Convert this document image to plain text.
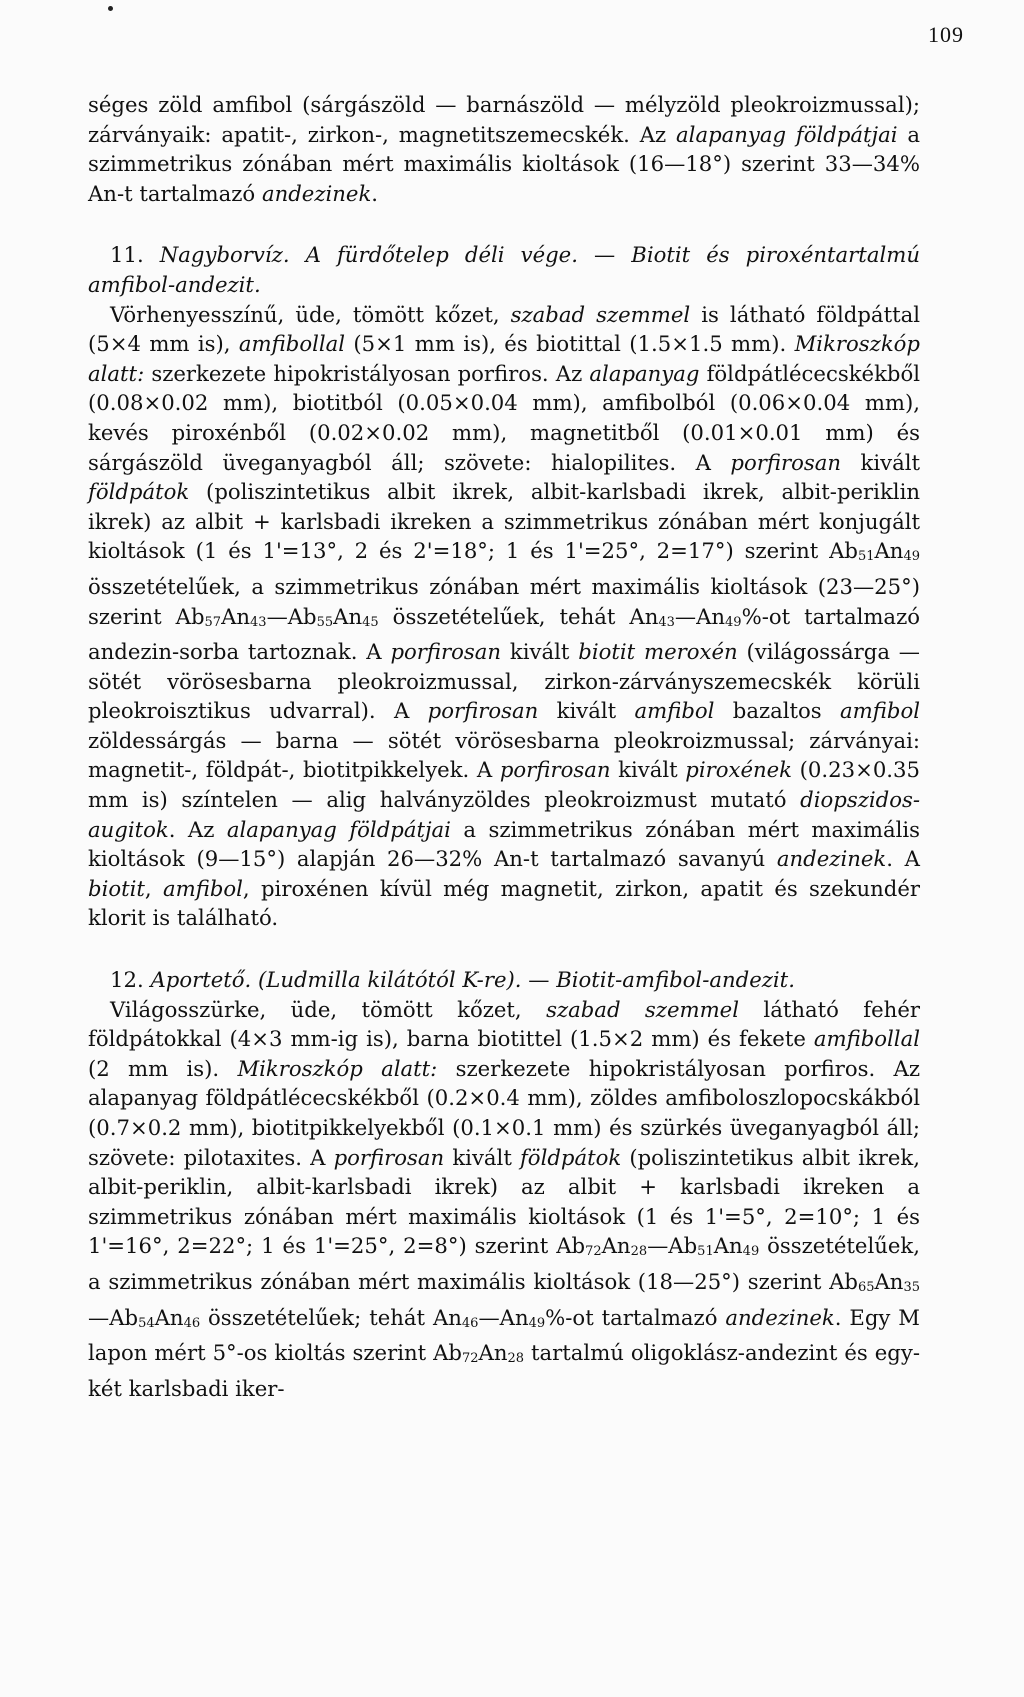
109

séges zöld amfibol (sárgászöld — barnászöld — mélyzöld pleokroizmussal); zárványaik: apatit-, zirkon-, magnetitszemecskék. Az alapanyag földpátjai a szimmetrikus zónában mért maximális kioltások (16—18°) szerint 33—34% An-t tartalmazó andezinek.

11. Nagyborvíz. A fürdőtelep déli vége. — Biotit és piroxéntartalmú amfibol-andezit.

Vörhenyesszínű, üde, tömött kőzet, szabad szemmel is látható földpáttal (5×4 mm is), amfibollal (5×1 mm is), és biotittal (1.5×1.5 mm). Mikroszkóp alatt: szerkezete hipokristályosan porfiros. Az alapanyag földpátlécecskékből (0.08×0.02 mm), biotitból (0.05×0.04 mm), amfibolból (0.06×0.04 mm), kevés piroxénből (0.02×0.02 mm), magnetitből (0.01×0.01 mm) és sárgászöld üveganyagból áll; szövete: hialopilites. A porfirosan kivált földpátok (poliszintetikus albit ikrek, albit-karlsbadi ikrek, albit-periklin ikrek) az albit + karlsbadi ikreken a szimmetrikus zónában mért konjugált kioltások (1 és 1'=13°, 2 és 2'=18°; 1 és 1'=25°, 2=17°) szerint Ab51An49 összetételűek, a szimmetrikus zónában mért maximális kioltások (23—25°) szerint Ab57An43—Ab55An45 összetételűek, tehát An43—An49%-ot tartalmazó andezin-sorba tartoznak. A porfirosan kivált biotit meroxén (világossárga — sötét vörösesbarna pleokroizmussal, zirkon-zárványszemecskék körüli pleokroisztikus udvarral). A porfirosan kivált amfibol bazaltos amfibol zöldessárgás — barna — sötét vörösesbarna pleokroizmussal; zárványai: magnetit-, földpát-, biotitpikkelyek. A porfirosan kivált piroxének (0.23×0.35 mm is) színtelen — alig halványzöldes pleokroizmust mutató diopszidos-augitok. Az alapanyag földpátjai a szimmetrikus zónában mért maximális kioltások (9—15°) alapján 26—32% An-t tartalmazó savanyú andezinek. A biotit, amfibol, piroxénen kívül még magnetit, zirkon, apatit és szekundér klorit is található.

12. Aportető. (Ludmilla kilátótól K-re). — Biotit-amfibol-andezit.

Világosszürke, üde, tömött kőzet, szabad szemmel látható fehér földpátokkal (4×3 mm-ig is), barna biotittel (1.5×2 mm) és fekete amfibollal (2 mm is). Mikroszkóp alatt: szerkezete hipokristályosan porfiros. Az alapanyag földpátlécecskékből (0.2×0.4 mm), zöldes amfiboloszlopocskákból (0.7×0.2 mm), biotitpikkelyekből (0.1×0.1 mm) és szürkés üveganyagból áll; szövete: pilotaxites. A porfirosan kivált földpátok (poliszintetikus albit ikrek, albit-periklin, albit-karlsbadi ikrek) az albit + karlsbadi ikreken a szimmetrikus zónában mért maximális kioltások (1 és 1'=5°, 2=10°; 1 és 1'=16°, 2=22°; 1 és 1'=25°, 2=8°) szerint Ab72An28—Ab51An49 összetételűek, a szimmetrikus zónában mért maximális kioltások (18—25°) szerint Ab65An35—Ab54An46 összetételűek; tehát An46—An49%-ot tartalmazó andezinek. Egy M lapon mért 5°-os kioltás szerint Ab72An28 tartalmú oligoklász-andezint és egy-két karlsbadi iker-
